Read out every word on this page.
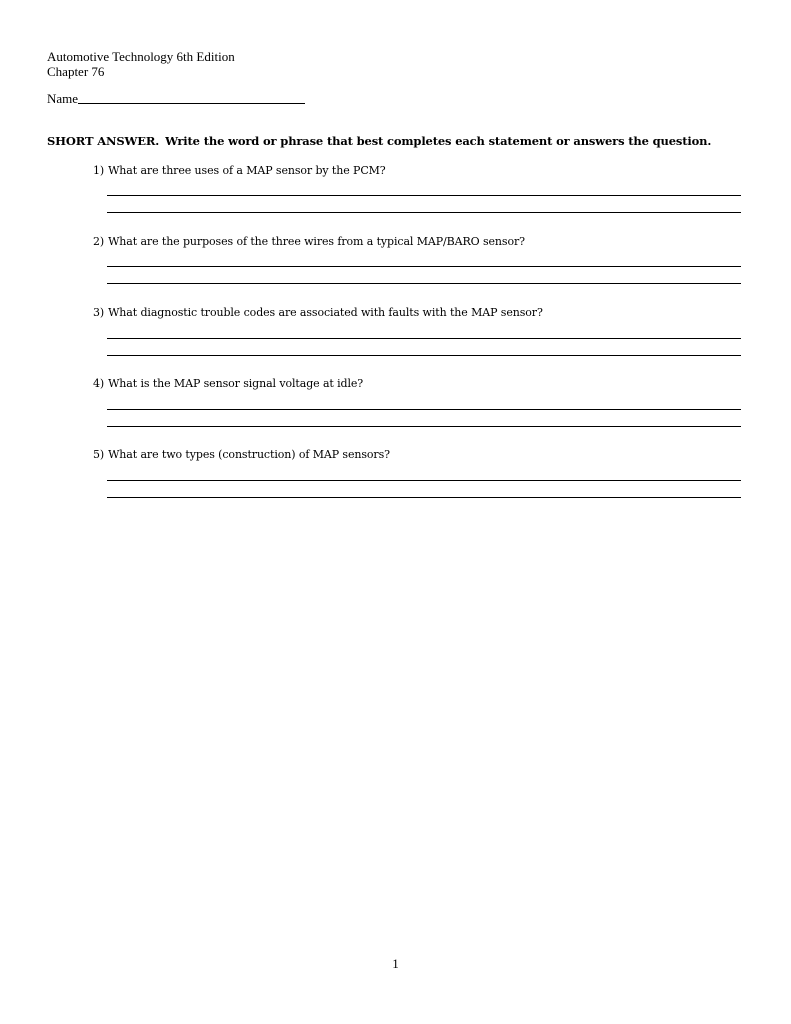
Automotive Technology 6th Edition
Chapter 76
Name
SHORT ANSWER. Write the word or phrase that best completes each statement or answers the question.
1) What are three uses of a MAP sensor by the PCM?
2) What are the purposes of the three wires from a typical MAP/BARO sensor?
3) What diagnostic trouble codes are associated with faults with the MAP sensor?
4) What is the MAP sensor signal voltage at idle?
5) What are two types (construction) of MAP sensors?
1
